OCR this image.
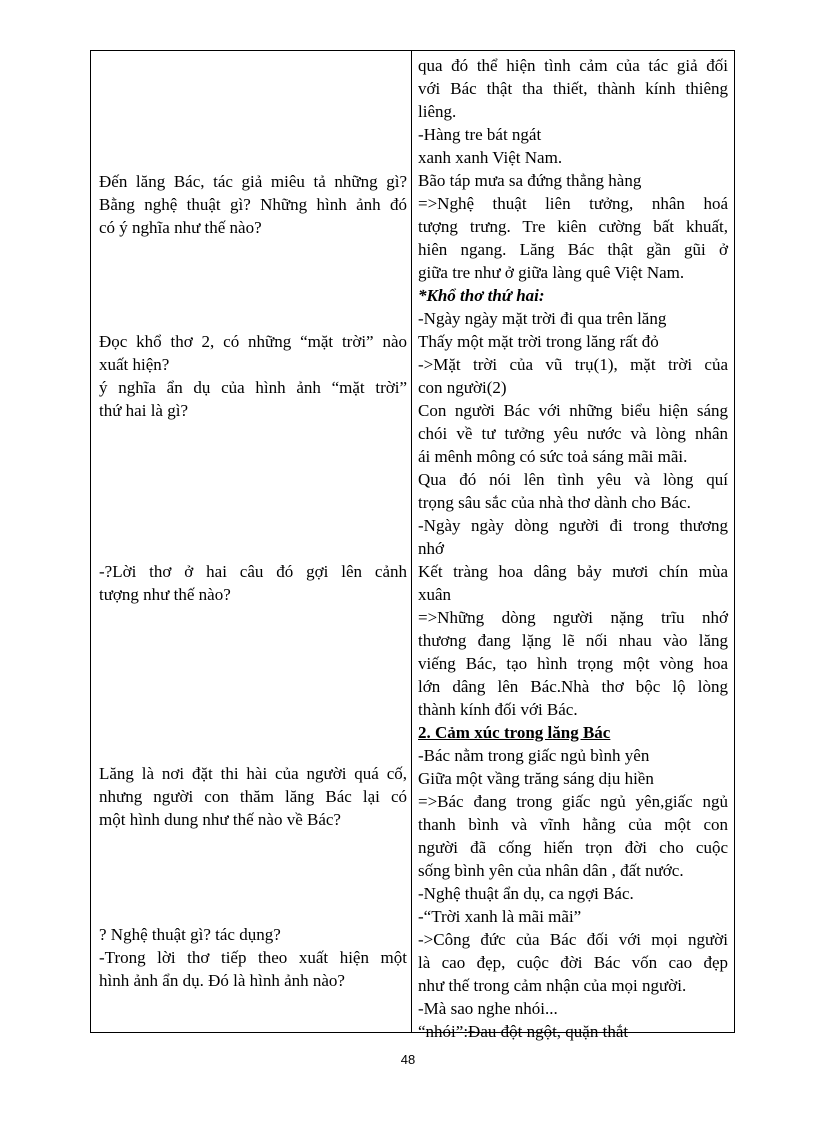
Đến lăng Bác, tác giả miêu tả những gì?
Bằng nghệ thuật gì? Những hình ảnh đó
có ý nghĩa như thế nào?
Đọc khổ thơ 2, có những “mặt trời” nào
xuất hiện?
ý nghĩa ẩn dụ của hình ảnh “mặt trời”
thứ hai là gì?
-?Lời thơ ở hai câu đó gợi lên cảnh
tượng như thế nào?
Lăng là nơi đặt thi hài của người quá cố,
nhưng người con thăm lăng Bác lại có
một hình dung như thế nào về Bác?
? Nghệ thuật gì? tác dụng?
-Trong lời thơ tiếp theo xuất hiện một
hình ảnh ẩn dụ. Đó là hình ảnh nào?
qua đó thể hiện tình cảm của tác giả đối
với Bác thật tha thiết, thành kính thiêng
liêng.
-Hàng tre bát ngát
xanh xanh Việt Nam.
Bão táp mưa sa đứng thẳng hàng
=>Nghệ thuật liên tưởng, nhân hoá
tượng trưng. Tre kiên cường bất khuất,
hiên ngang. Lăng Bác thật gần gũi ở
giữa tre như ở giữa làng quê Việt Nam.
*Khổ thơ thứ hai:
-Ngày ngày mặt trời đi qua trên lăng
Thấy một mặt trời trong lăng rất đỏ
->Mặt trời của vũ trụ(1), mặt trời của
con người(2)
Con người Bác với những biểu hiện sáng
chói về tư tưởng yêu nước và lòng nhân
ái mênh mông có sức toả sáng mãi mãi.
Qua đó nói lên tình yêu và lòng quí
trọng sâu sắc của nhà thơ dành cho Bác.
-Ngày ngày dòng người đi trong thương
nhớ
Kết tràng hoa dâng bảy mươi chín mùa
xuân
=>Những dòng người nặng trĩu nhớ
thương đang lặng lẽ nối nhau vào lăng
viếng Bác, tạo hình trọng một vòng hoa
lớn dâng lên Bác.Nhà thơ bộc lộ lòng
thành kính đối với Bác.
2. Cảm xúc trong lăng Bác
-Bác nằm trong giấc ngủ bình yên
Giữa một vầng trăng sáng dịu hiền
=>Bác đang trong giấc ngủ yên,giấc ngủ
thanh bình và vĩnh hằng của một con
người đã cống hiến trọn đời cho cuộc
sống bình yên của nhân dân , đất nước.
-Nghệ thuật ẩn dụ, ca ngợi Bác.
-“Trời xanh là mãi mãi”
->Công đức của Bác đối với mọi người
là cao đẹp, cuộc đời Bác vốn cao đẹp
như thế trong cảm nhận của mọi người.
-Mà sao nghe nhói...
“nhói”:Đau đột ngột, quặn thắt
48
